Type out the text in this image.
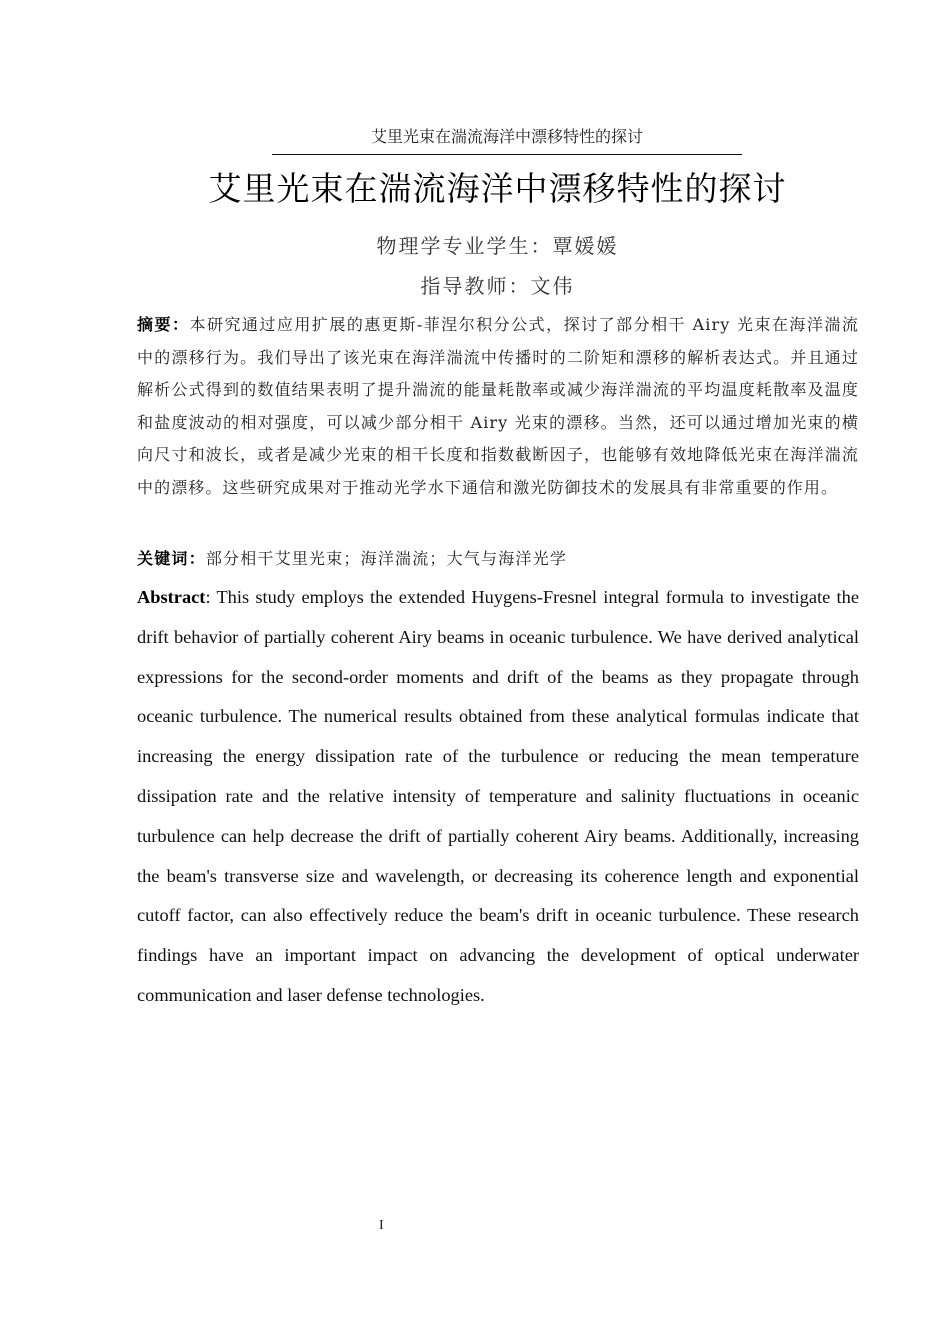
艾里光束在湍流海洋中漂移特性的探讨
艾里光束在湍流海洋中漂移特性的探讨
物理学专业学生：覃媛媛
指导教师：文伟
摘要：本研究通过应用扩展的惠更斯-菲涅尔积分公式，探讨了部分相干 Airy 光束在海洋湍流中的漂移行为。我们导出了该光束在海洋湍流中传播时的二阶矩和漂移的解析表达式。并且通过解析公式得到的数值结果表明了提升湍流的能量耗散率或减少海洋湍流的平均温度耗散率及温度和盐度波动的相对强度，可以减少部分相干 Airy 光束的漂移。当然，还可以通过增加光束的横向尺寸和波长，或者是减少光束的相干长度和指数截断因子，也能够有效地降低光束在海洋湍流中的漂移。这些研究成果对于推动光学水下通信和激光防御技术的发展具有非常重要的作用。
关键词：部分相干艾里光束；海洋湍流；大气与海洋光学
Abstract: This study employs the extended Huygens-Fresnel integral formula to investigate the drift behavior of partially coherent Airy beams in oceanic turbulence. We have derived analytical expressions for the second-order moments and drift of the beams as they propagate through oceanic turbulence. The numerical results obtained from these analytical formulas indicate that increasing the energy dissipation rate of the turbulence or reducing the mean temperature dissipation rate and the relative intensity of temperature and salinity fluctuations in oceanic turbulence can help decrease the drift of partially coherent Airy beams. Additionally, increasing the beam's transverse size and wavelength, or decreasing its coherence length and exponential cutoff factor, can also effectively reduce the beam's drift in oceanic turbulence. These research findings have an important impact on advancing the development of optical underwater communication and laser defense technologies.
I
